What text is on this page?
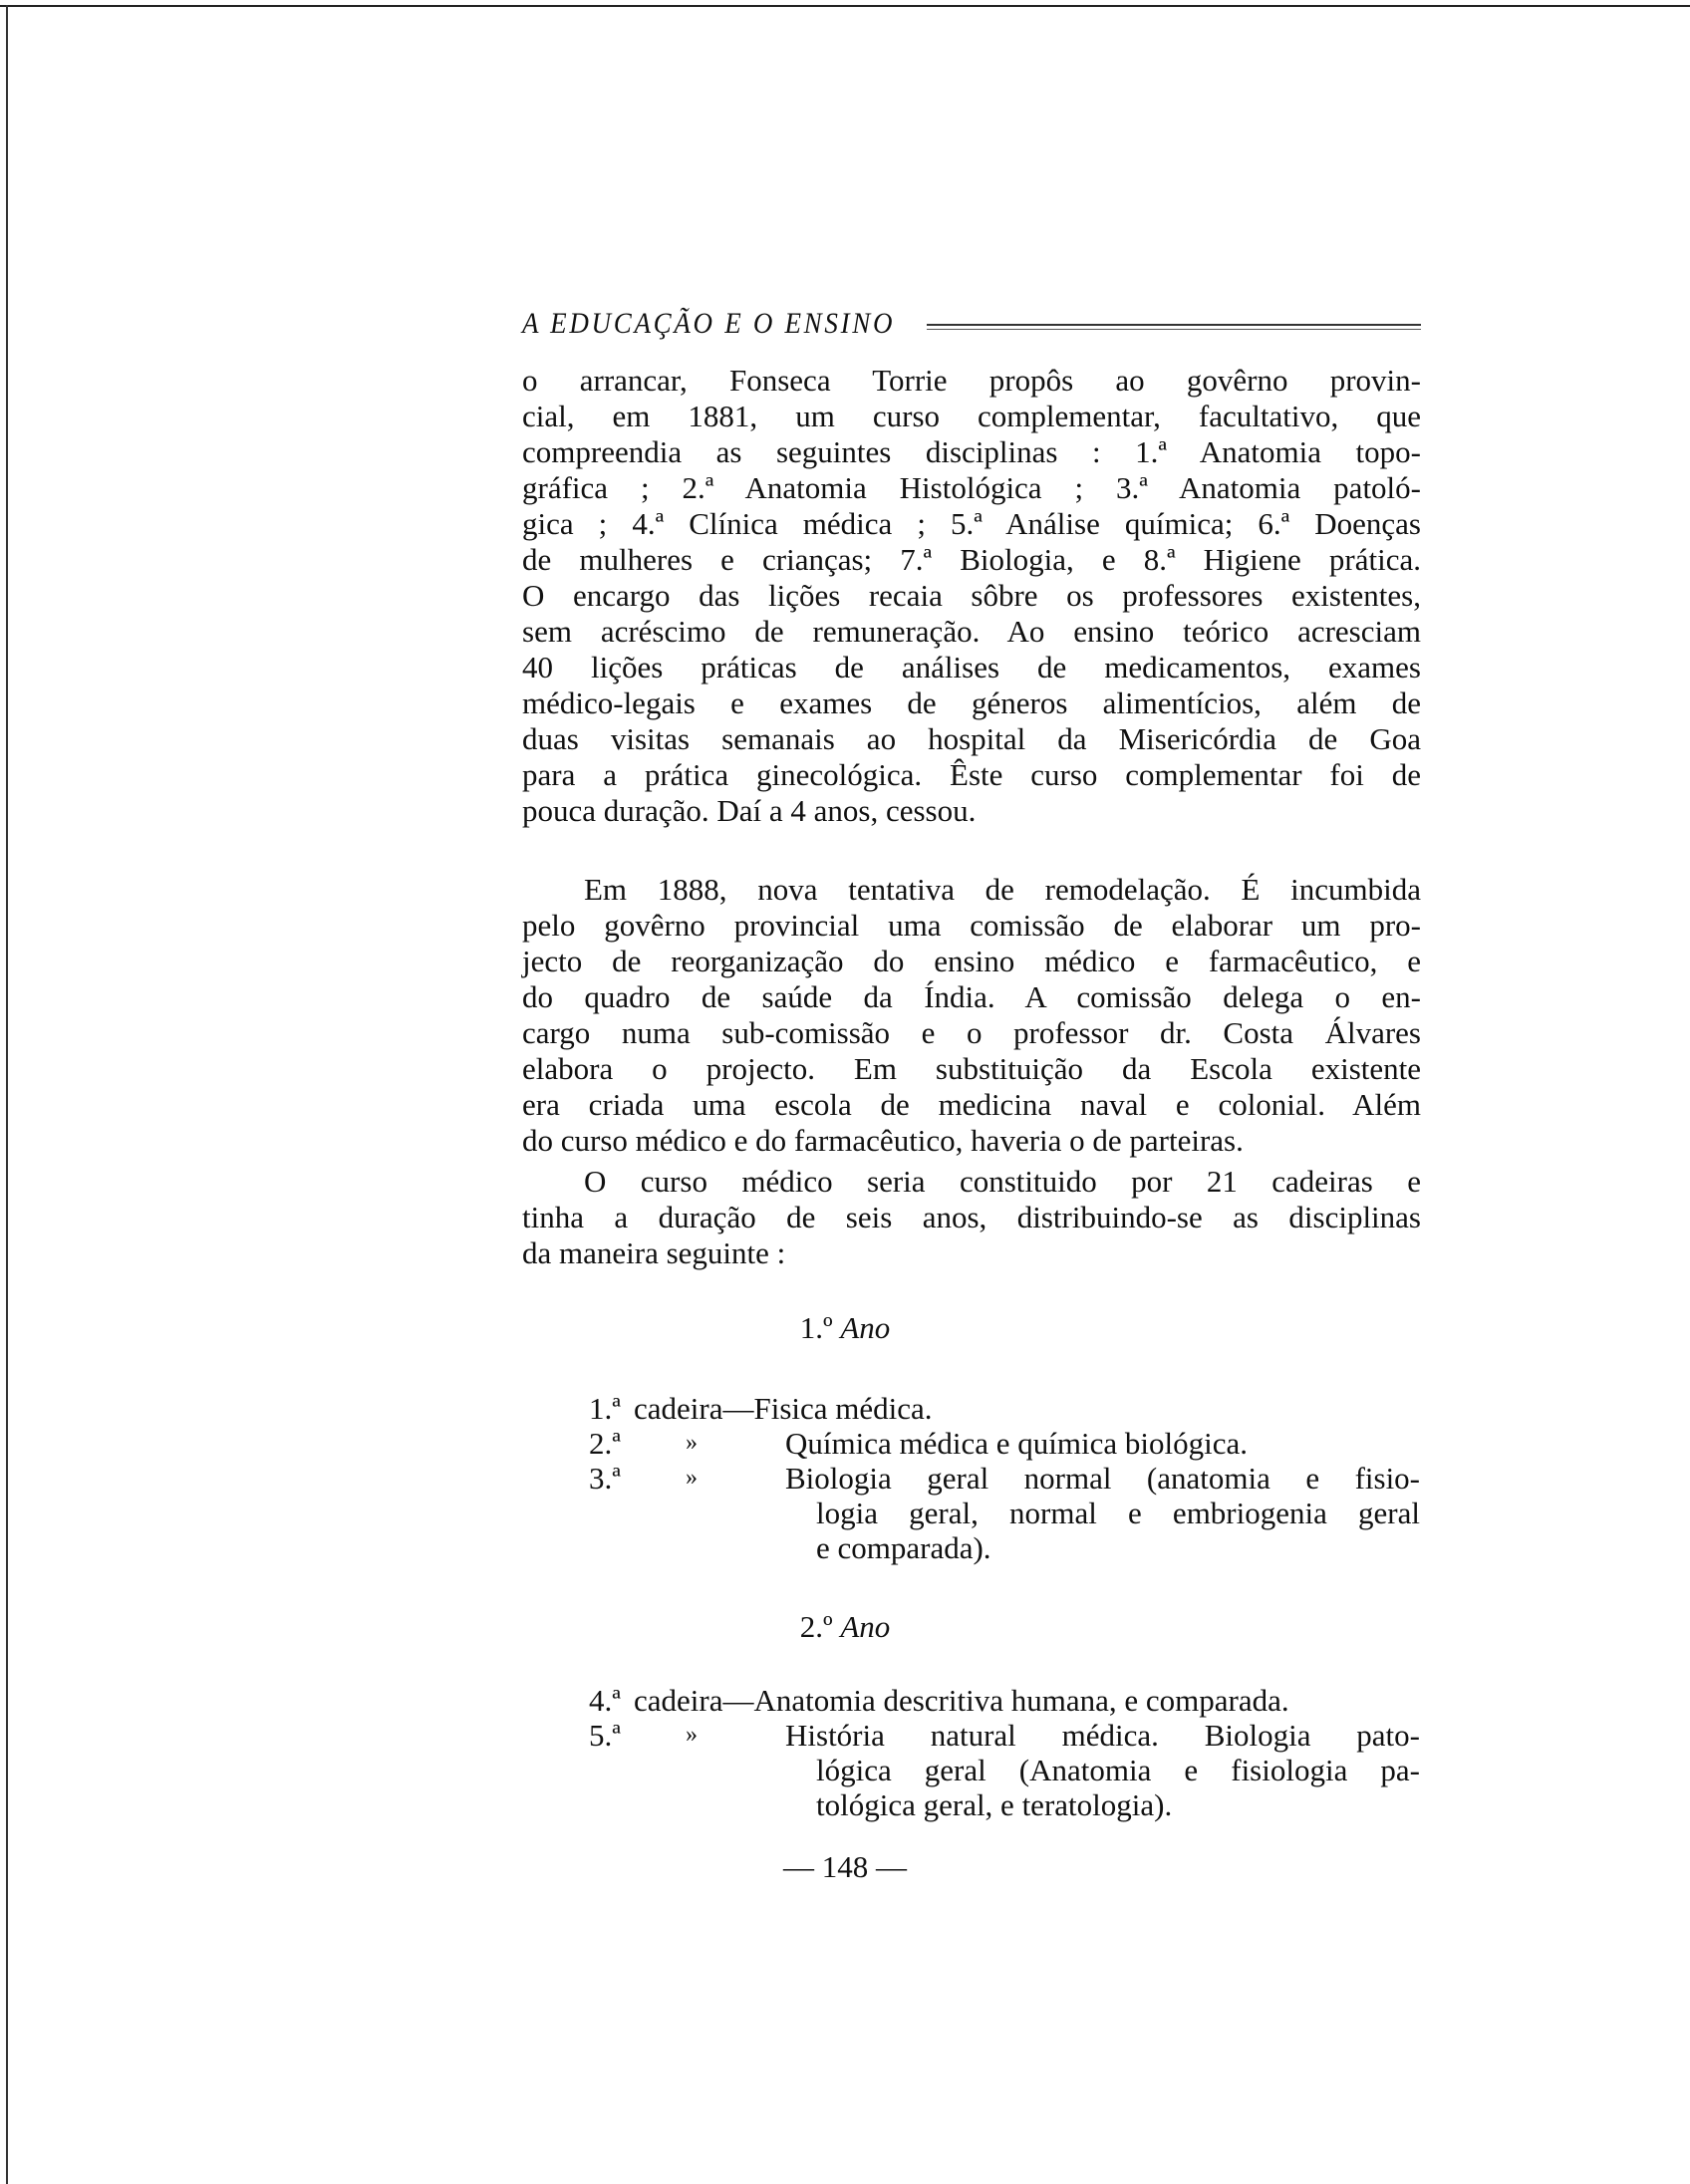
A EDUCAÇÃO E O ENSINO
o arrancar, Fonseca Torrie propôs ao govêrno provin-
cial, em 1881, um curso complementar, facultativo, que
compreendia as seguintes disciplinas : 1.ª Anatomia topo-
gráfica ; 2.ª Anatomia Histológica ; 3.ª Anatomia patoló-
gica ; 4.ª Clínica médica ; 5.ª Análise química; 6.ª Doenças
de mulheres e crianças; 7.ª Biologia, e 8.ª Higiene prática.
O encargo das lições recaia sôbre os professores existentes,
sem acréscimo de remuneração. Ao ensino teórico acresciam
40 lições práticas de análises de medicamentos, exames
médico-legais e exames de géneros alimentícios, além de
duas visitas semanais ao hospital da Misericórdia de Goa
para a prática ginecológica. Êste curso complementar foi de
pouca duração. Daí a 4 anos, cessou.
Em 1888, nova tentativa de remodelação. É incumbida
pelo govêrno provincial uma comissão de elaborar um pro-
jecto de reorganização do ensino médico e farmacêutico, e
do quadro de saúde da Índia. A comissão delega o en-
cargo numa sub-comissão e o professor dr. Costa Álvares
elabora o projecto. Em substituição da Escola existente
era criada uma escola de medicina naval e colonial. Além
do curso médico e do farmacêutico, haveria o de parteiras.
O curso médico seria constituido por 21 cadeiras e
tinha a duração de seis anos, distribuindo-se as disciplinas
da maneira seguinte :
1.º Ano
1.ª cadeira—Fisica médica.
2.ª	»	Química médica e química biológica.
3.ª	»	Biologia geral normal (anatomia e fisio-
logia geral, normal e embriogenia geral
e comparada).
2.º Ano
4.ª cadeira—Anatomia descritiva humana, e comparada.
5.ª	»	História natural médica. Biologia pato-
lógica geral (Anatomia e fisiologia pa-
tológica geral, e teratologia).
— 148 —
